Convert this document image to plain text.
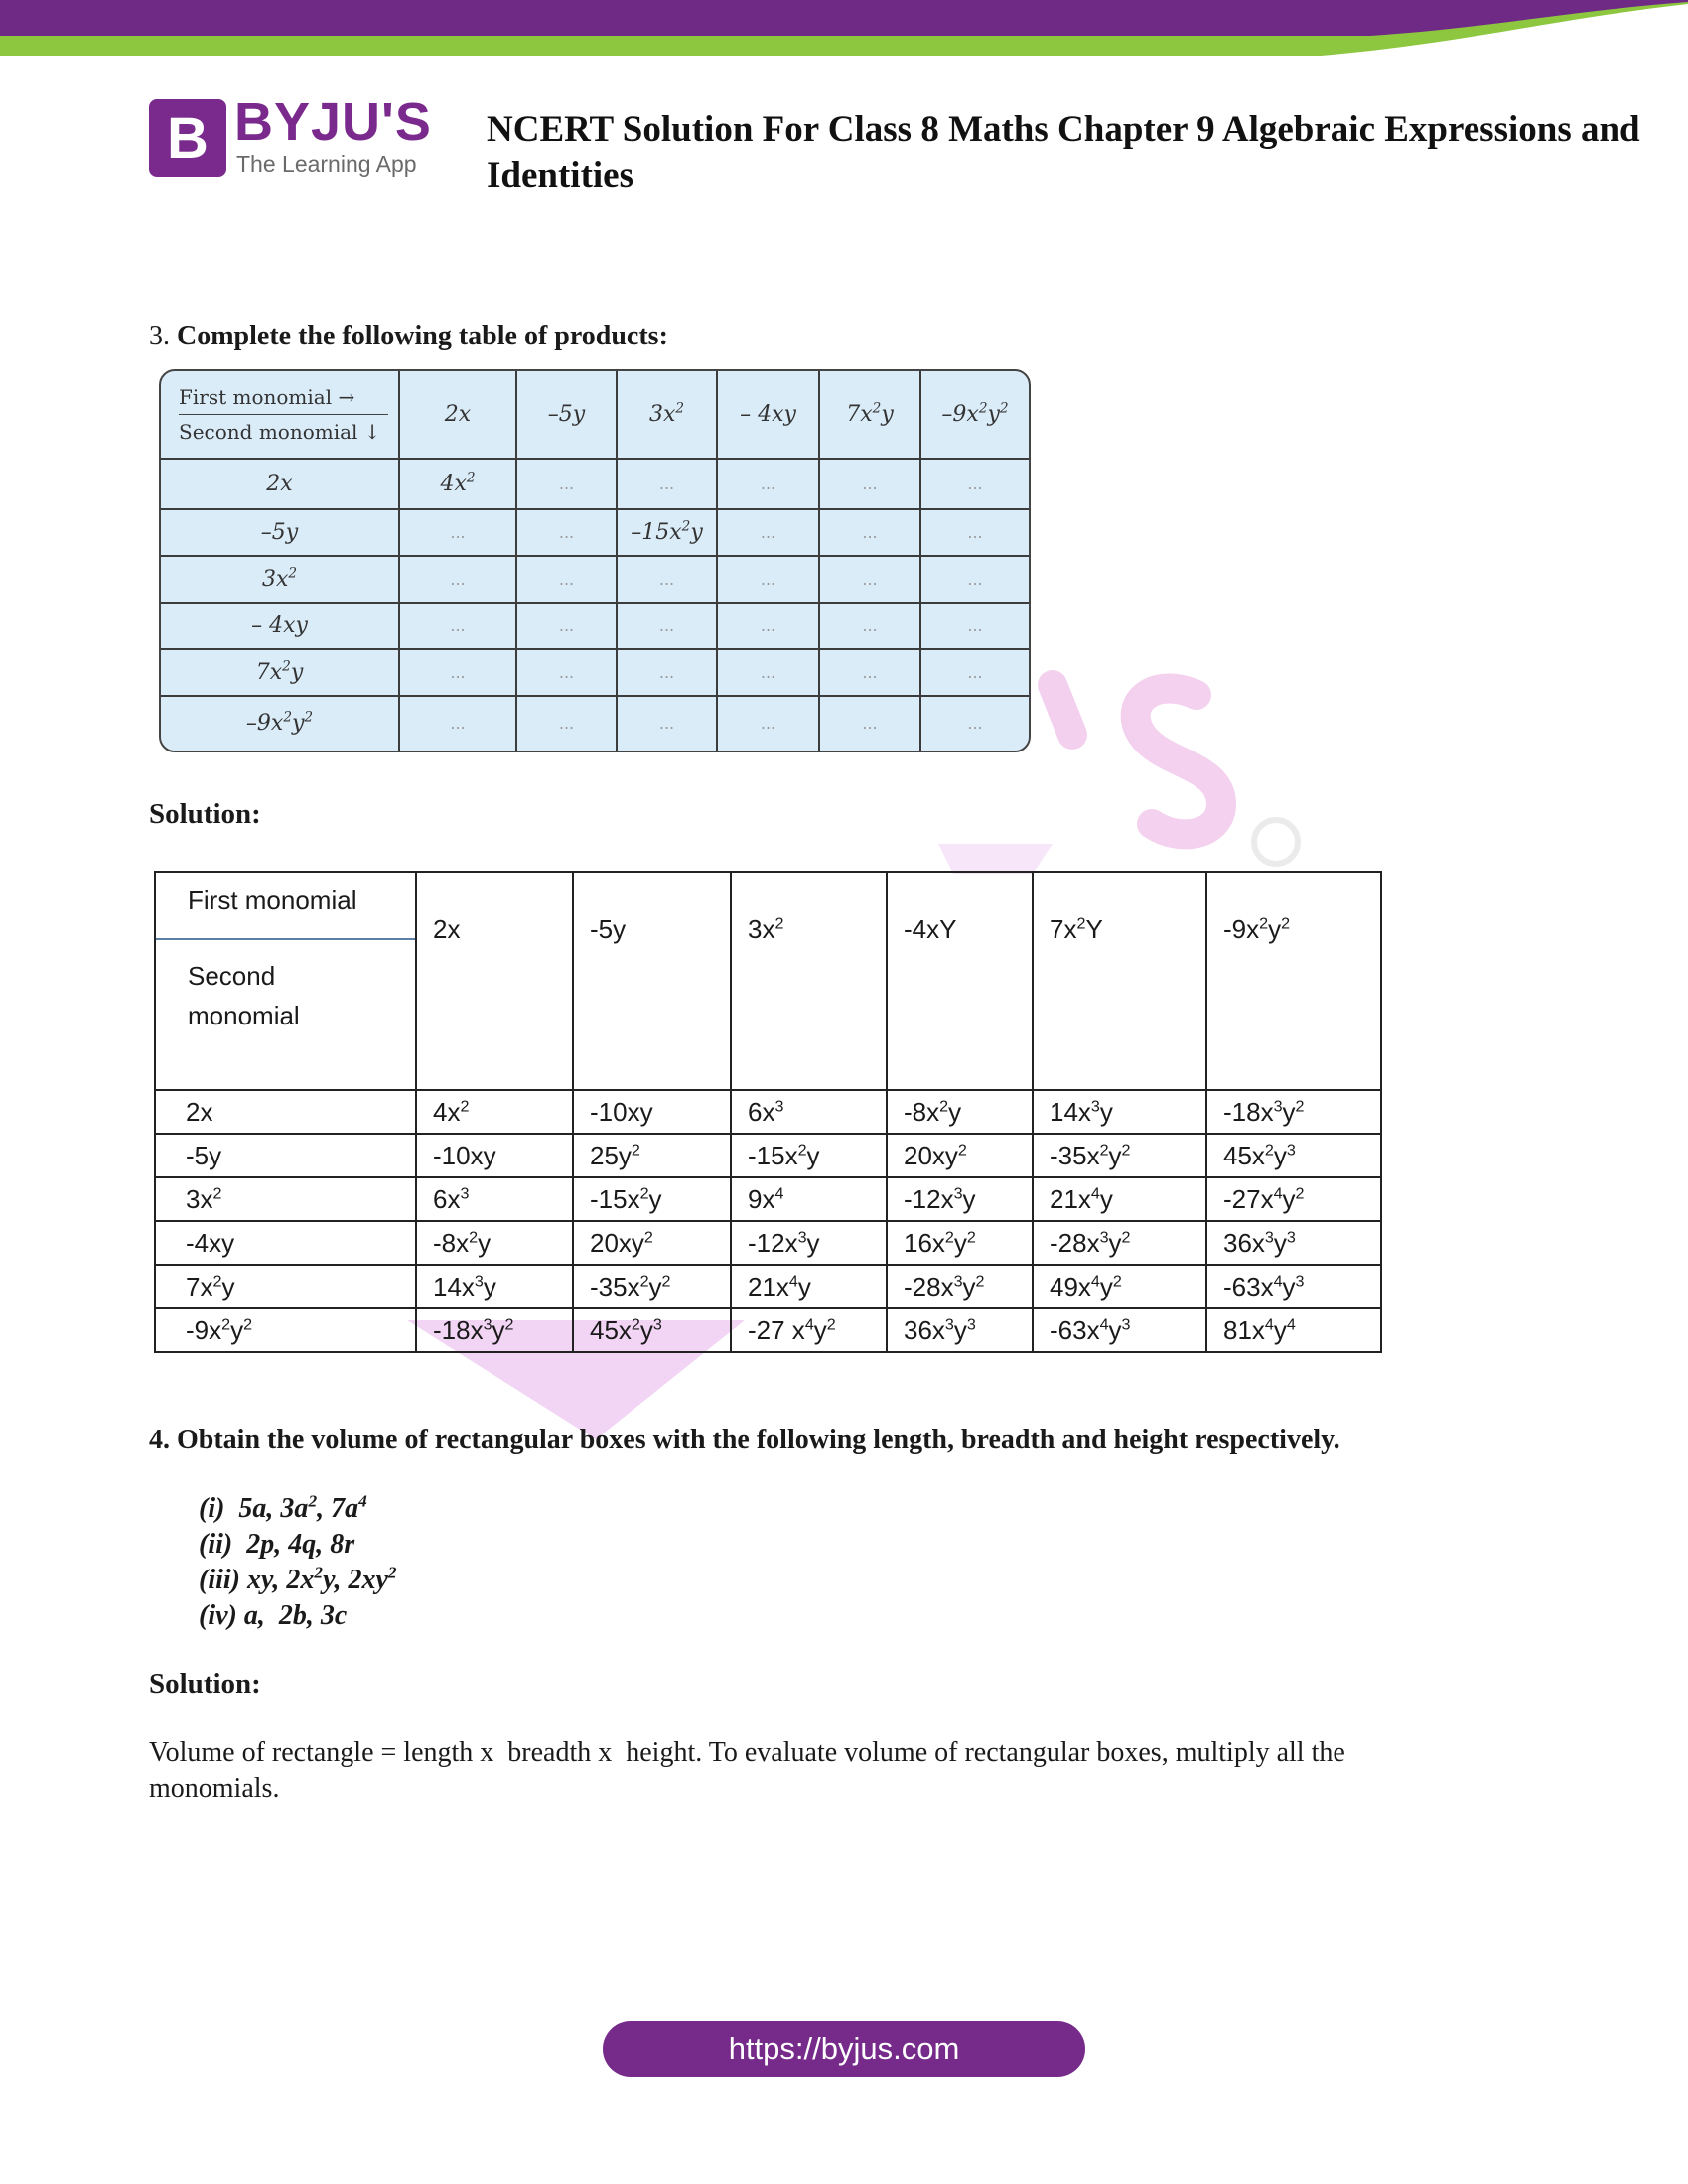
B BYJU'S
The Learning App
NCERT Solution For Class 8 Maths Chapter 9 Algebraic Expressions and Identities
3. Complete the following table of products:
First monomial →
Second monomial ↓	2x	–5y	$3x^2$	– 4xy	$7x^2y$	$-9x^2y^2$
2x	$4x^2$	...	...	...	...	...
–5y	...	...	$-15x^2y$	...	...	...
$3x^2$	...	...	...	...	...	...
– 4xy	...	...	...	...	...	...
$7x^2y$	...	...	...	...	...	...
$-9x^2y^2$	...	...	...	...	...	...
Solution:
First monomial
Second
monomial	2x	-5y	$3x^2$	-4xY	$7x^2Y$	$-9x^2y^2$
2x	$4x^2$	-10xy	$6x^3$	$-8x^2y$	$14x^3y$	$-18x^3y^2$
-5y	-10xy	$25y^2$	$-15x^2y$	$20xy^2$	$-35x^2y^2$	$45x^2y^3$
$3x^2$	$6x^3$	$-15x^2y$	$9x^4$	$-12x^3y$	$21x^4y$	$-27x^4y^2$
-4xy	$-8x^2y$	$20xy^2$	$-12x^3y$	$16x^2y^2$	$-28x^3y^2$	$36x^3y^3$
$7x^2y$	$14x^3y$	$-35x^2y^2$	$21x^4y$	$-28x^3y^2$	$49x^4y^2$	$-63x^4y^3$
$-9x^2y^2$	$-18x^3y^2$	$45x^2y^3$	-27 $x^4y^2$	$36x^3y^3$	$-63x^4y^3$	$81x^4y^4$
4. Obtain the volume of rectangular boxes with the following length, breadth and height respectively.
(i)  5a, $3a^2$, $7a^4$
(ii)  2p, 4q, 8r
(iii) xy, $2x^2y$, $2xy^2$
(iv) a,  2b, 3c
Solution:
Volume of rectangle = length x  breadth x  height. To evaluate volume of rectangular boxes, multiply all the monomials.
https://byjus.com
